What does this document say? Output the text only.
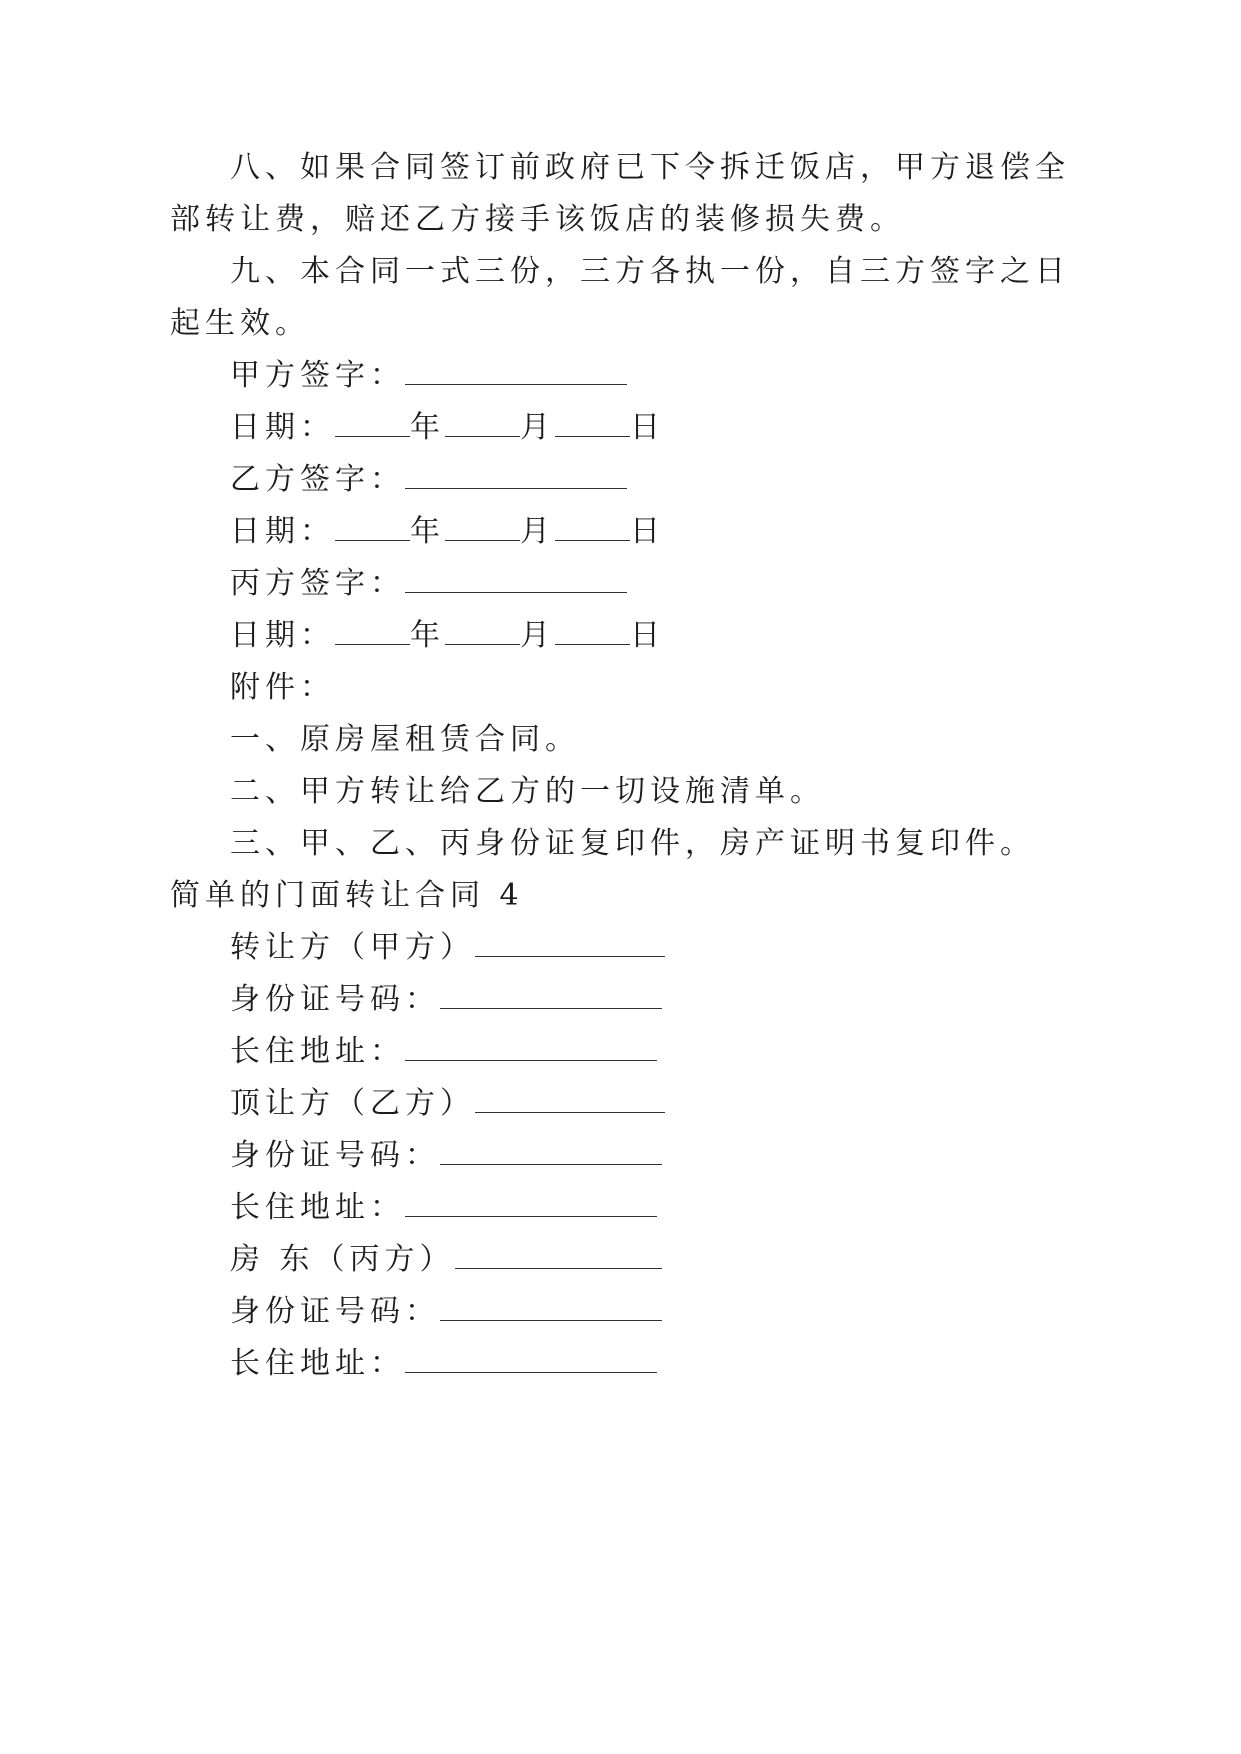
八、如果合同签订前政府已下令拆迁饭店，甲方退偿全
部转让费，赔还乙方接手该饭店的装修损失费。
九、本合同一式三份，三方各执一份，自三方签字之日
起生效。
甲方签字：
日期：	年	月	日
乙方签字：
日期：	年	月	日
丙方签字：
日期：	年	月	日
附件：
一、原房屋租赁合同。
二、甲方转让给乙方的一切设施清单。
三、甲、乙、丙身份证复印件，房产证明书复印件。
简单的门面转让合同 4
转让方（甲方）
身份证号码：
长住地址：
顶让方（乙方）
身份证号码：
长住地址：
房 东（丙方）
身份证号码：
长住地址：
